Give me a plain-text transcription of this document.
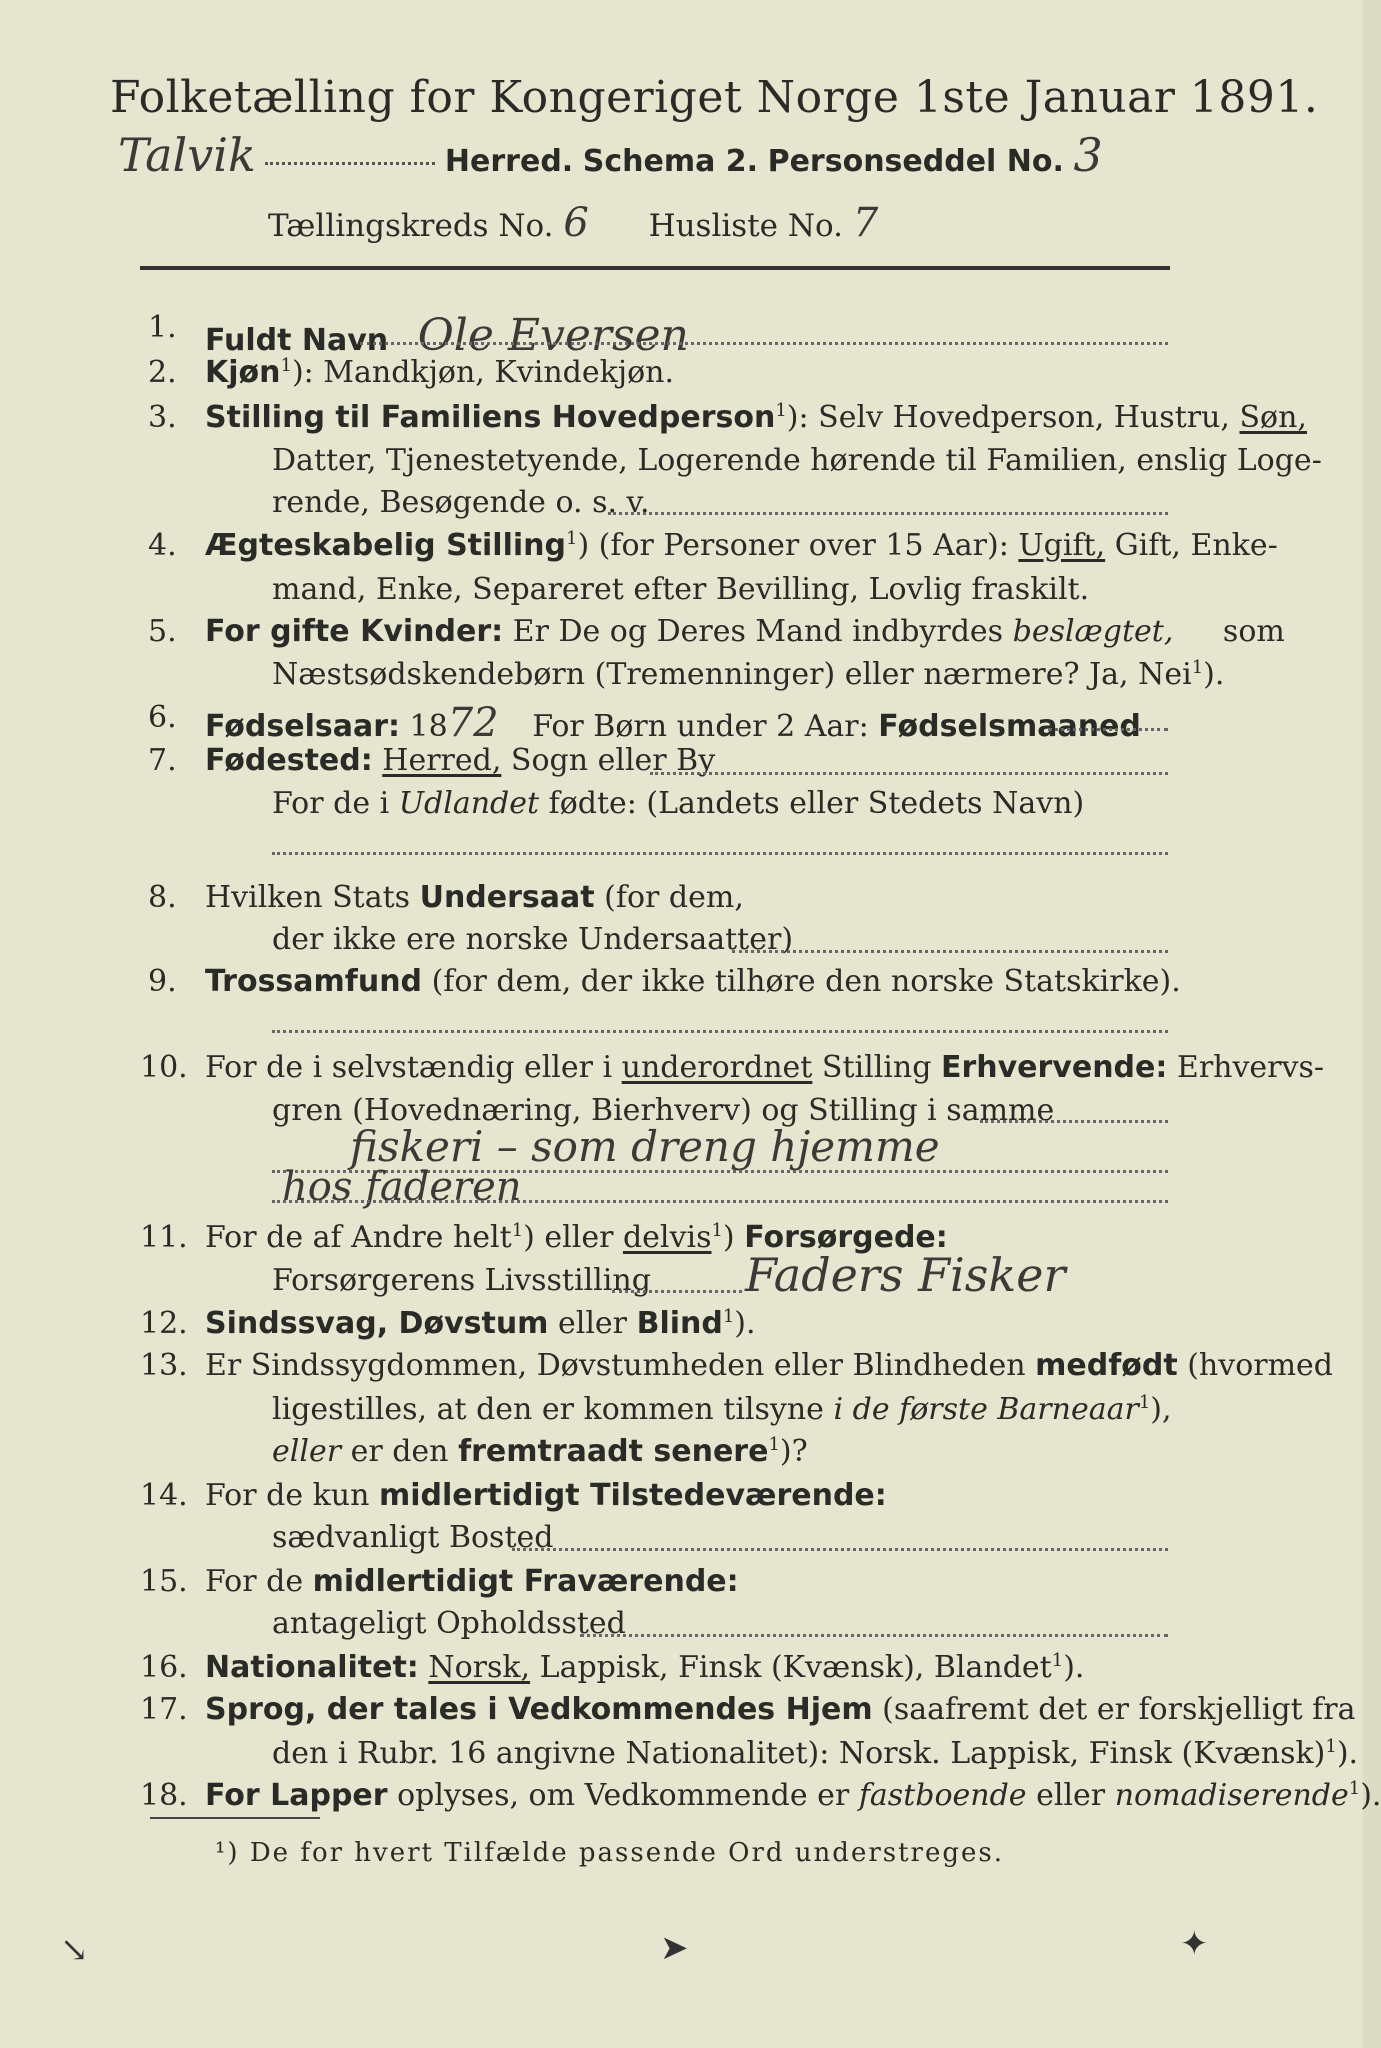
Folketælling for Kongeriget Norge 1ste Januar 1891.
Talvik	Herred. Schema 2. Personseddel No. 3
Tællingskreds No. 6 Husliste No. 7
1. Fuldt Navn Ole Eversen
2. Kjøn$^1$): Mandkjøn, Kvindekjøn.
3. Stilling til Familiens Hovedperson$^1$): Selv Hovedperson, Hustru, Søn,
Datter, Tjenestetyende, Logerende hørende til Familien, enslig Loge-
rende, Besøgende o. s. v.
4. Ægteskabelig Stilling$^1$) (for Personer over 15 Aar): Ugift, Gift, Enke-
mand, Enke, Separeret efter Bevilling, Lovlig fraskilt.
5. For gifte Kvinder: Er De og Deres Mand indbyrdes beslægtet, som
Næstsødskendebørn (Tremenninger) eller nærmere? Ja, Nei$^1$).
6. Fødselsaar: 1872 For Børn under 2 Aar: Fødselsmaaned
7. Fødested: Herred, Sogn eller By
For de i Udlandet fødte: (Landets eller Stedets Navn)
8. Hvilken Stats Undersaat (for dem,
der ikke ere norske Undersaatter)
9. Trossamfund (for dem, der ikke tilhøre den norske Statskirke).
10. For de i selvstændig eller i underordnet Stilling Erhvervende: Erhvervs-
gren (Hovednæring, Bierhverv) og Stilling i samme
fiskeri – som dreng hjemme
hos faderen
11. For de af Andre helt$^1$) eller delvis$^1$) Forsørgede:
Forsørgerens Livsstilling Faders Fisker
12. Sindssvag, Døvstum eller Blind$^1$).
13. Er Sindssygdommen, Døvstumheden eller Blindheden medfødt (hvormed
ligestilles, at den er kommen tilsyne i de første Barneaar$^1$),
eller er den fremtraadt senere$^1$)?
14. For de kun midlertidigt Tilstedeværende:
sædvanligt Bosted
15. For de midlertidigt Fraværende:
antageligt Opholdssted
16. Nationalitet: Norsk, Lappisk, Finsk (Kvænsk), Blandet$^1$).
17. Sprog, der tales i Vedkommendes Hjem (saafremt det er forskjelligt fra
den i Rubr. 16 angivne Nationalitet): Norsk. Lappisk, Finsk (Kvænsk)$^1$).
18. For Lapper oplyses, om Vedkommende er fastboende eller nomadiserende$^1$).
¹) De for hvert Tilfælde passende Ord understreges.
↘	➤	✦
